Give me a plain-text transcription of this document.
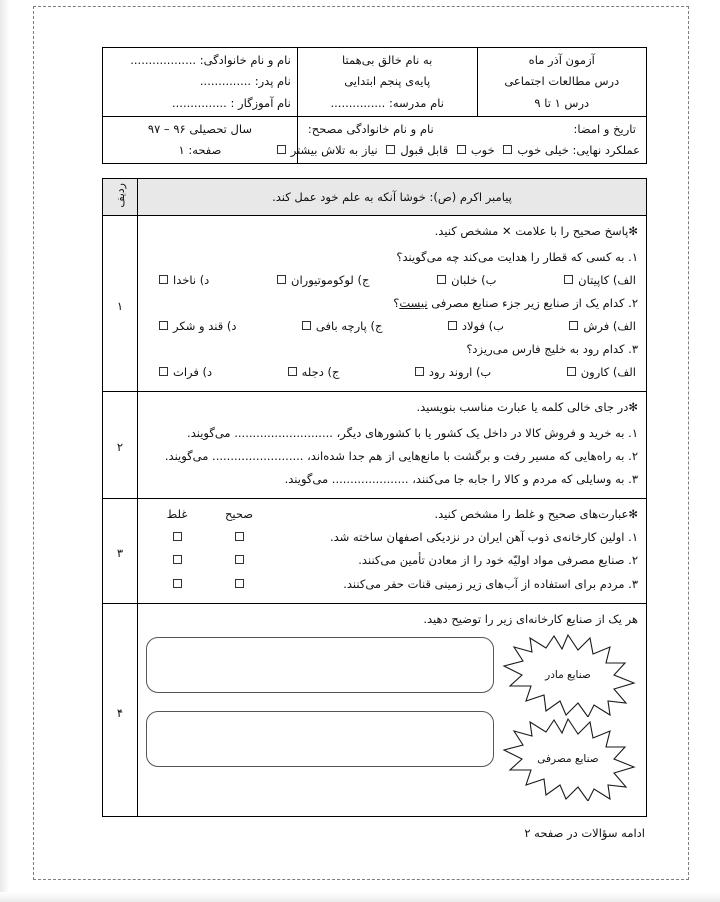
آزمون آذر ماه
درس مطالعات اجتماعی
درس ۱ تا ۹

به نام خالق بی‌همتا
پایه‌ی پنجم ابتدایی
نام مدرسه: ...............

نام و نام خانوادگی: ..................
نام پدر: ..............
نام آموزگار : ...............

تاریخ و امضا:
نام و نام خانوادگی مصحح:
عملکرد نهایی: خیلی خوب خوب قابل قبول نیاز به تلاش بیشتر

سال تحصیلی ۹۶ – ۹۷
صفحه: ۱
پیامبر اکرم (ص): خوشا آنکه به علم خود عمل کند.	ردیف

✻پاسخ صحیح را با علامت ✕ مشخص کنید.
۱. به کسی که قطار را هدایت می‌کند چه می‌گویند؟
الف) کاپیتان
ب) خلبان
ج) لوکوموتیوران
د) ناخدا
۲. کدام یک از صنایع زیر جزء صنایع مصرفی نیست؟
الف) فرش
ب) فولاد
ج) پارچه بافی
د) قند و شکر
۳. کدام رود به خلیج فارس می‌ریزد؟
الف) کارون
ب) اروند رود
ج) دجله
د) فرات
	۱

✻در جای خالی کلمه یا عبارت مناسب بنویسید.
۱. به خرید و فروش کالا در داخل یک کشور یا با کشورهای دیگر، ........................... می‌گویند.
۲. به راه‌هایی که مسیر رفت و برگشت با مانع‌هایی از هم جدا شده‌اند، ......................... می‌گویند.
۳. به وسایلی که مردم و کالا را جابه جا می‌کنند، ..................... می‌گویند.	۲

✻عبارت‌های صحیح و غلط را مشخص کنید.
صحیح
غلط
۱. اولین کارخانه‌ی ذوب آهن ایران در نزدیکی اصفهان ساخته شد.
۲. صنایع مصرفی مواد اولیّه خود را از معادن تأمین می‌کنند.
۳. مردم برای استفاده از آب‌های زیر زمینی قنات حفر می‌کنند.
	۳

هر یک از صنایع کارخانه‌ای زیر را توضیح دهید.
صنایع مادر
صنایع مصرفی	۴
ادامه سؤالات در صفحه ۲
